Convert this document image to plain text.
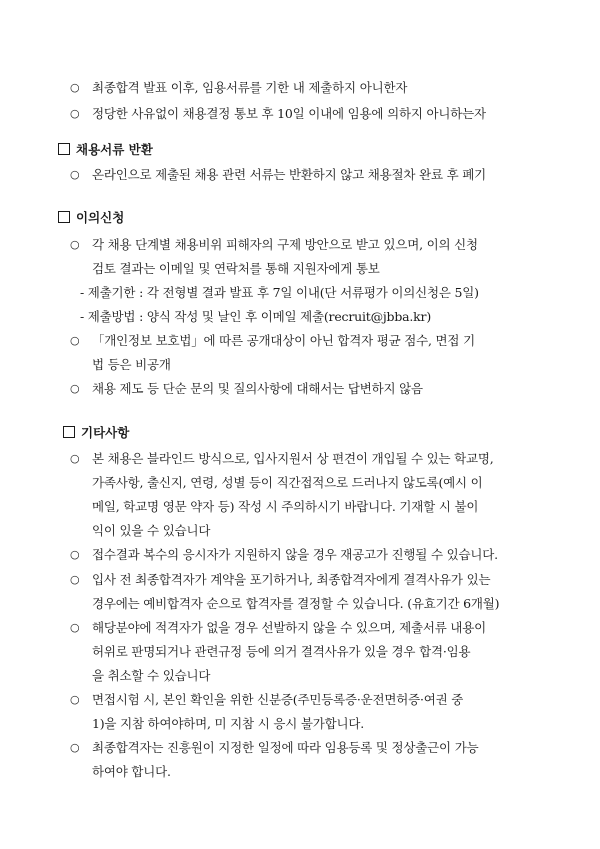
○ 최종합격 발표 이후, 임용서류를 기한 내 제출하지 아니한자
○ 정당한 사유없이 채용결정 통보 후 10일 이내에 임용에 의하지 아니하는자
채용서류 반환
○ 온라인으로 제출된 채용 관련 서류는 반환하지 않고 채용절차 완료 후 폐기
이의신청
○ 각 채용 단계별 채용비위 피해자의 구제 방안으로 받고 있으며, 이의 신청
검토 결과는 이메일 및 연락처를 통해 지원자에게 통보
- 제출기한 : 각 전형별 결과 발표 후 7일 이내(단 서류평가 이의신청은 5일)
- 제출방법 : 양식 작성 및 날인 후 이메일 제출(recruit@jbba.kr)
○ 「개인정보 보호법」에 따른 공개대상이 아닌 합격자 평균 점수, 면접 기
법 등은 비공개
○ 채용 제도 등 단순 문의 및 질의사항에 대해서는 답변하지 않음
기타사항
○ 본 채용은 블라인드 방식으로, 입사지원서 상 편견이 개입될 수 있는 학교명,
가족사항, 출신지, 연령, 성별 등이 직간접적으로 드러나지 않도록(예시 이
메일, 학교명 영문 약자 등) 작성 시 주의하시기 바랍니다. 기재할 시 불이
익이 있을 수 있습니다
○ 접수결과 복수의 응시자가 지원하지 않을 경우 재공고가 진행될 수 있습니다.
○ 입사 전 최종합격자가 계약을 포기하거나, 최종합격자에게 결격사유가 있는
경우에는 예비합격자 순으로 합격자를 결정할 수 있습니다. (유효기간 6개월)
○ 해당분야에 적격자가 없을 경우 선발하지 않을 수 있으며, 제출서류 내용이
허위로 판명되거나 관련규정 등에 의거 결격사유가 있을 경우 합격·임용
을 취소할 수 있습니다
○ 면접시험 시, 본인 확인을 위한 신분증(주민등록증·운전면허증·여권 중
1)을 지참 하여야하며, 미 지참 시 응시 불가합니다.
○ 최종합격자는 진흥원이 지정한 일정에 따라 임용등록 및 정상출근이 가능
하여야 합니다.
